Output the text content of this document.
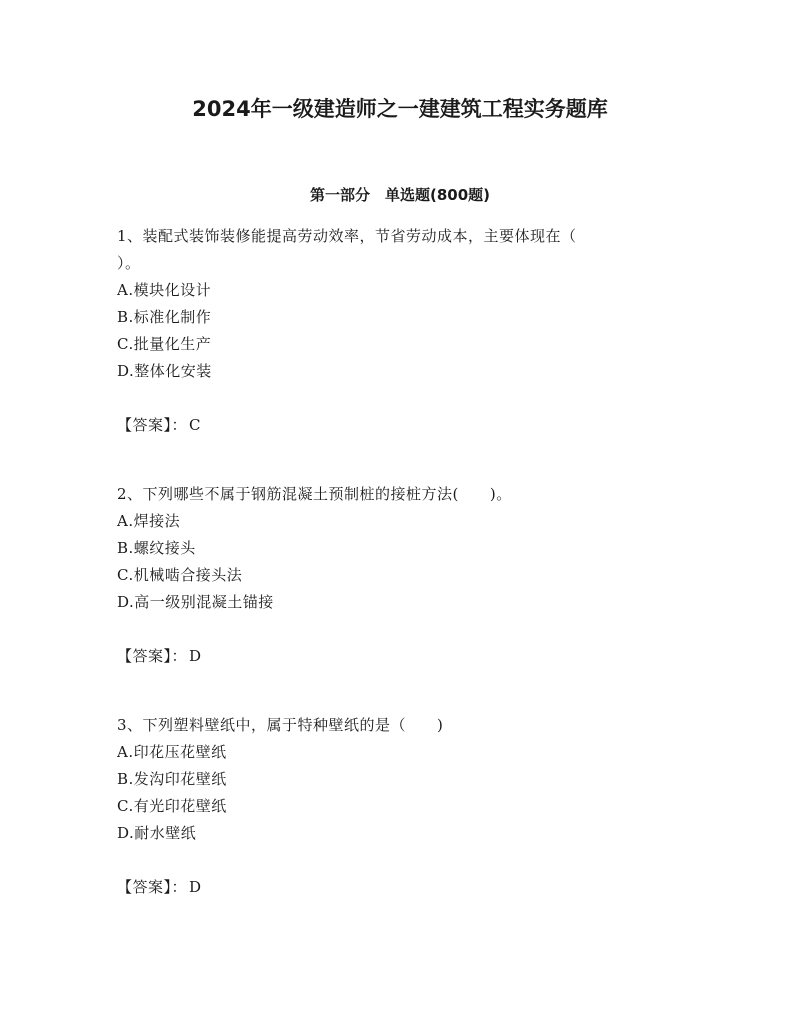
2024年一级建造师之一建建筑工程实务题库
第一部分　单选题(800题)

1、装配式装饰装修能提高劳动效率，节省劳动成本，主要体现在（

）。

A.模块化设计

B.标准化制作

C.批量化生产

D.整体化安装

【答案】： C

2、下列哪些不属于钢筋混凝土预制桩的接桩方法(　　)。

A.焊接法

B.螺纹接头

C.机械啮合接头法

D.高一级别混凝土锚接

【答案】： D

3、下列塑料壁纸中，属于特种壁纸的是（　　)

A.印花压花壁纸

B.发沟印花壁纸

C.有光印花壁纸

D.耐水壁纸

【答案】： D
